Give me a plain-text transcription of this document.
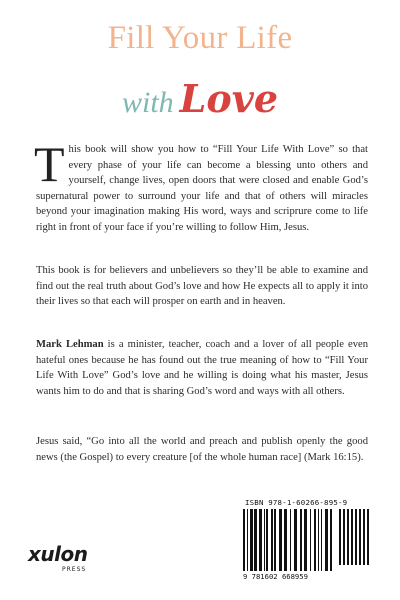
Fill Your Life
with Love
This book will show you how to “Fill Your Life With Love” so that every phase of your life can become a blessing unto others and yourself, change lives, open doors that were closed and enable God’s supernatural power to surround your life and that of others will miracles beyond your imagination making His word, ways and scriprure come to life right in front of your face if you’re willing to follow Him, Jesus.
This book is for believers and unbelievers so they’ll be able to examine and find out the real truth about God’s love and how He expects all to apply it into their lives so that each will prosper on earth and in heaven.
Mark Lehman is a minister, teacher, coach and a lover of all people even hateful ones because he has found out the true meaning of how to “Fill Your Life With Love” God’s love and he willing is doing what his master, Jesus wants him to do and that is sharing God’s word and ways with all others.
Jesus said, “Go into all the world and preach and publish openly the good news (the Gospel) to every creature [of the whole human race] (Mark 16:15).
xulon
PRESS
ISBN 978-1-60266-895-9
9 781602 668959
